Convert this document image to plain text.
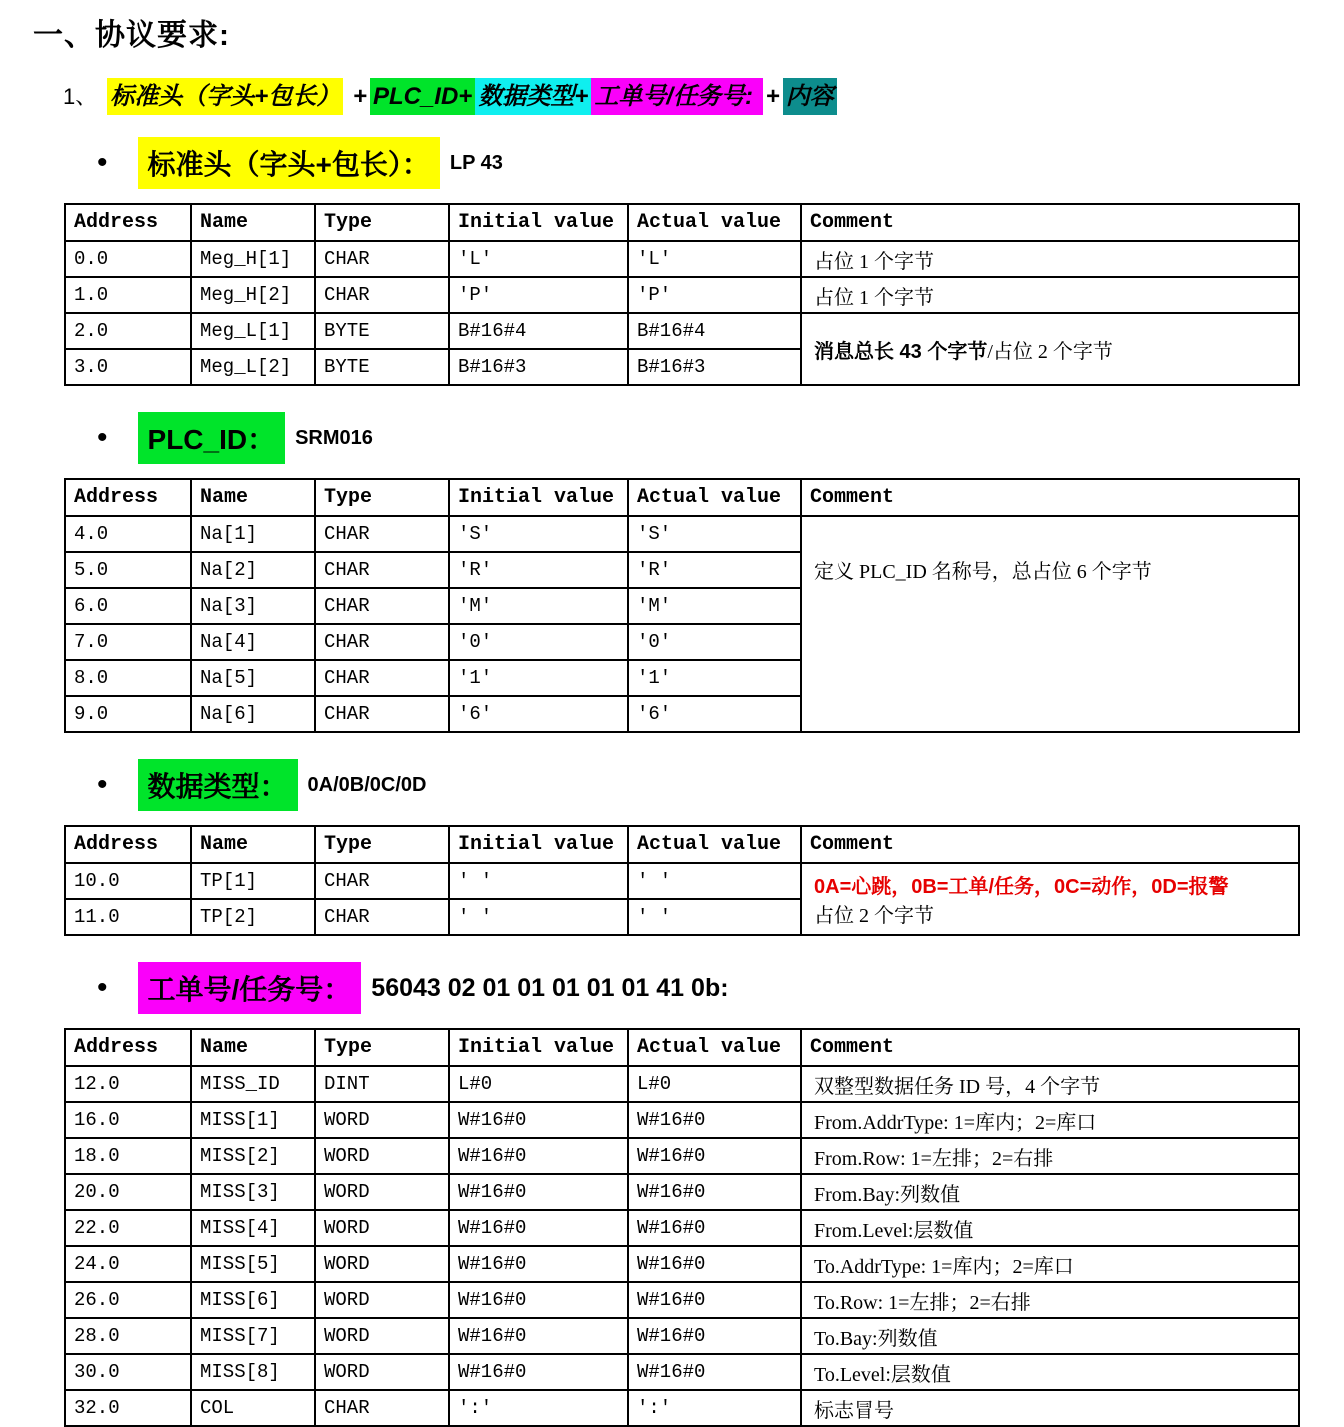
一、协议要求:
1、 标准头（字头+包长） + PLC_ID+ 数据类型+ 工单号/任务号: + 内容
•	标准头（字头+包长）：	LP 43
Address	Name	Type	Initial value	Actual value	Comment
0.0	Meg_H[1]	CHAR	'L'	'L'	占位 1 个字节
1.0	Meg_H[2]	CHAR	'P'	'P'	占位 1 个字节
2.0	Meg_L[1]	BYTE	B#16#4	B#16#4	消息总长 43 个字节/占位 2 个字节
3.0	Meg_L[2]	BYTE	B#16#3	B#16#3	
•	PLC_ID：	SRM016
Address	Name	Type	Initial value	Actual value	Comment
4.0	Na[1]	CHAR	'S'	'S'	定义 PLC_ID 名称号，总占位 6 个字节
5.0	Na[2]	CHAR	'R'	'R'	
6.0	Na[3]	CHAR	'M'	'M'	
7.0	Na[4]	CHAR	'0'	'0'	
8.0	Na[5]	CHAR	'1'	'1'	
9.0	Na[6]	CHAR	'6'	'6'	
•	数据类型：	0A/0B/0C/0D
Address	Name	Type	Initial value	Actual value	Comment
10.0	TP[1]	CHAR	' '	' '	0A=心跳，0B=工单/任务，0C=动作，0D=报警
占位 2 个字节
11.0	TP[2]	CHAR	' '	' '	
•	工单号/任务号： 56043 02 01 01 01 01 01 41 0b:
Address	Name	Type	Initial value	Actual value	Comment
12.0	MISS_ID	DINT	L#0	L#0	双整型数据任务 ID 号，4 个字节
16.0	MISS[1]	WORD	W#16#0	W#16#0	From.AddrType: 1=库内；2=库口
18.0	MISS[2]	WORD	W#16#0	W#16#0	From.Row: 1=左排；2=右排
20.0	MISS[3]	WORD	W#16#0	W#16#0	From.Bay:列数值
22.0	MISS[4]	WORD	W#16#0	W#16#0	From.Level:层数值
24.0	MISS[5]	WORD	W#16#0	W#16#0	To.AddrType: 1=库内；2=库口
26.0	MISS[6]	WORD	W#16#0	W#16#0	To.Row: 1=左排；2=右排
28.0	MISS[7]	WORD	W#16#0	W#16#0	To.Bay:列数值
30.0	MISS[8]	WORD	W#16#0	W#16#0	To.Level:层数值
32.0	COL	CHAR	':'	':'	标志冒号
